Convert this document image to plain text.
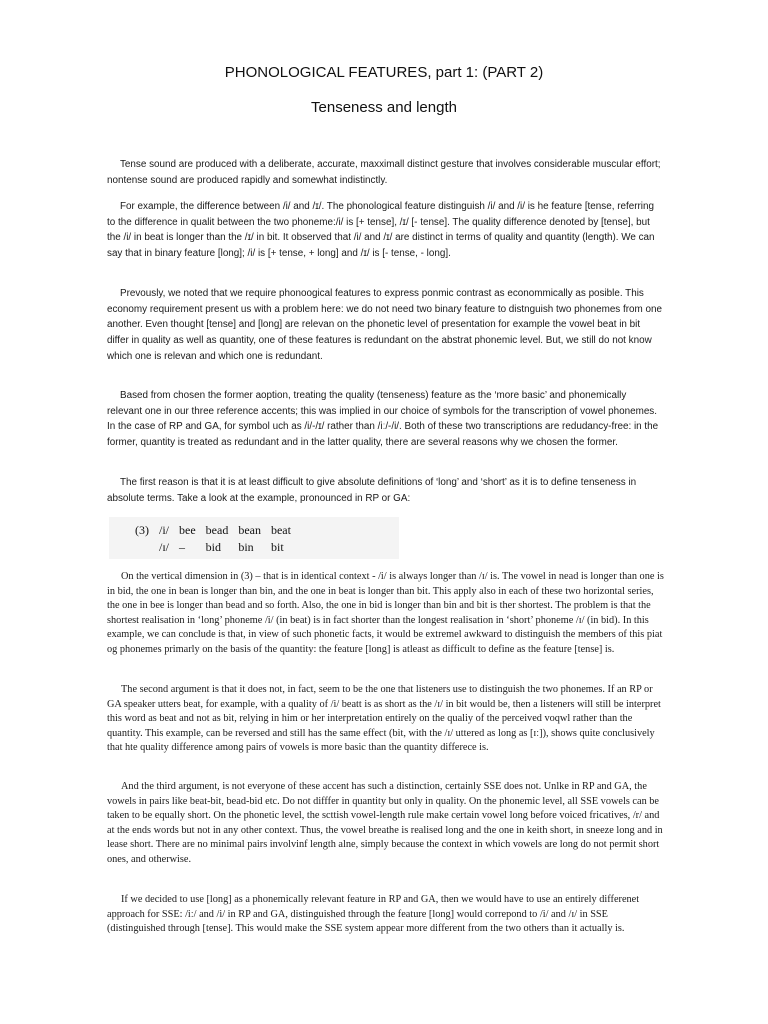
PHONOLOGICAL FEATURES, part 1: (PART 2)
Tenseness and length

Tense sound are produced with a deliberate, accurate, maxximall distinct gesture that involves considerable muscular effort; nontense sound are produced rapidly and somewhat indistinctly.

For example, the difference between /i/ and /ɪ/. The phonological feature distinguish /i/ and /i/ is he feature [tense, referring to the difference in qualit between the two phoneme:/i/ is [+ tense], /ɪ/ [- tense]. The quality difference denoted by [tense], but the /i/ in beat is longer than the /ɪ/ in bit. It observed that /i/ and /ɪ/ are distinct in terms of quality and quantity (length). We can say that in binary feature [long]; /i/ is [+ tense, + long] and /ɪ/ is [- tense, - long].

Prevously, we noted that we require phonoogical features to express ponmic contrast as econommically as posible. This economy requirement present us with a problem here: we do not need two binary feature to distnguish two phonemes from one another. Even thought [tense] and [long] are relevan on the phonetic level of presentation for example the vowel beat in bit differ in quality as well as quantity, one of these features is redundant on the abstrat phonemic level. But, we still do not know which one is relevan and which one is redundant.

Based from chosen the former aoption, treating the quality (tenseness) feature as the ‘more basic’ and phonemically relevant one in our three reference accents; this was implied in our choice of symbols for the transcription of vowel phonemes. In the case of RP and GA, for symbol uch as /i/-/ɪ/ rather than /iː/-/i/. Both of these two transcriptions are redudancy-free: in the former, quantity is treated as redundant and in the latter quality, there are several reasons why we chosen the former.

The first reason is that it is at least difficult to give absolute definitions of ‘long’ and ‘short’ as it is to define tenseness in absolute terms. Take a look at the example, pronounced in RP or GA:

(3)	/i/	bee	bead	bean	beat
	/ɪ/	–	bid	bin	bit

On the vertical dimension in (3) – that is in identical context - /i/ is always longer than /ɪ/ is. The vowel in nead is longer than one is in bid, the one in bean is longer than bin, and the one in beat is longer than bit. This apply also in each of these two horizontal series, the one in bee is longer than bead and so forth. Also, the one in bid is longer than bin and bit is ther shortest. The problem is that the shortest realisation in ‘long’ phoneme /i/ (in beat) is in fact shorter than the longest realisation in ‘short’ phoneme /ɪ/ (in bid). In this example, we can conclude is that, in view of such phonetic facts, it would be extremel awkward to distinguish the members of this piat og phonemes primarly on the basis of the quantity: the feature [long] is atleast as difficult to define as the feature [tense] is.

The second argument is that it does not, in fact, seem to be the one that listeners use to distinguish the two phonemes. If an RP or GA speaker utters beat, for example, with a quality of /i/ beatt is as short as the /ɪ/ in bit would be, then a listeners will still be interpret this word as beat and not as bit, relying in him or her interpretation entirely on the qualiy of the perceived voqwl rather than the quantity. This example, can be reversed and still has the same effect (bit, with the /ɪ/ uttered as long as [ɪː]), shows quite conclusively that hte quality difference among pairs of vowels is more basic than the quantity differece is.

And the third argument, is not everyone of these accent has such a distinction, certainly SSE does not. Unlke in RP and GA, the vowels in pairs like beat-bit, bead-bid etc. Do not difffer in quantity but only in quality. On the phonemic level, all SSE vowels can be taken to be equally short. On the phonetic level, the scttish vowel-length rule make certain vowel long before voiced fricatives, /r/ and at the ends words but not in any other context. Thus, the vowel breathe is realised long and the one in keith short, in sneeze long and in lease short. There are no minimal pairs involvinf length alne, simply because the context in which vowels are long do not permit short ones, and otherwise.

If we decided to use [long] as a phonemically relevant feature in RP and GA, then we would have to use an entirely differenet approach for SSE: /iː/ and /i/ in RP and GA, distinguished through the feature [long] would correpond to /i/ and /ɪ/ in SSE (distinguished through [tense]. This would make the SSE system appear more different from the two others than it actually is.
